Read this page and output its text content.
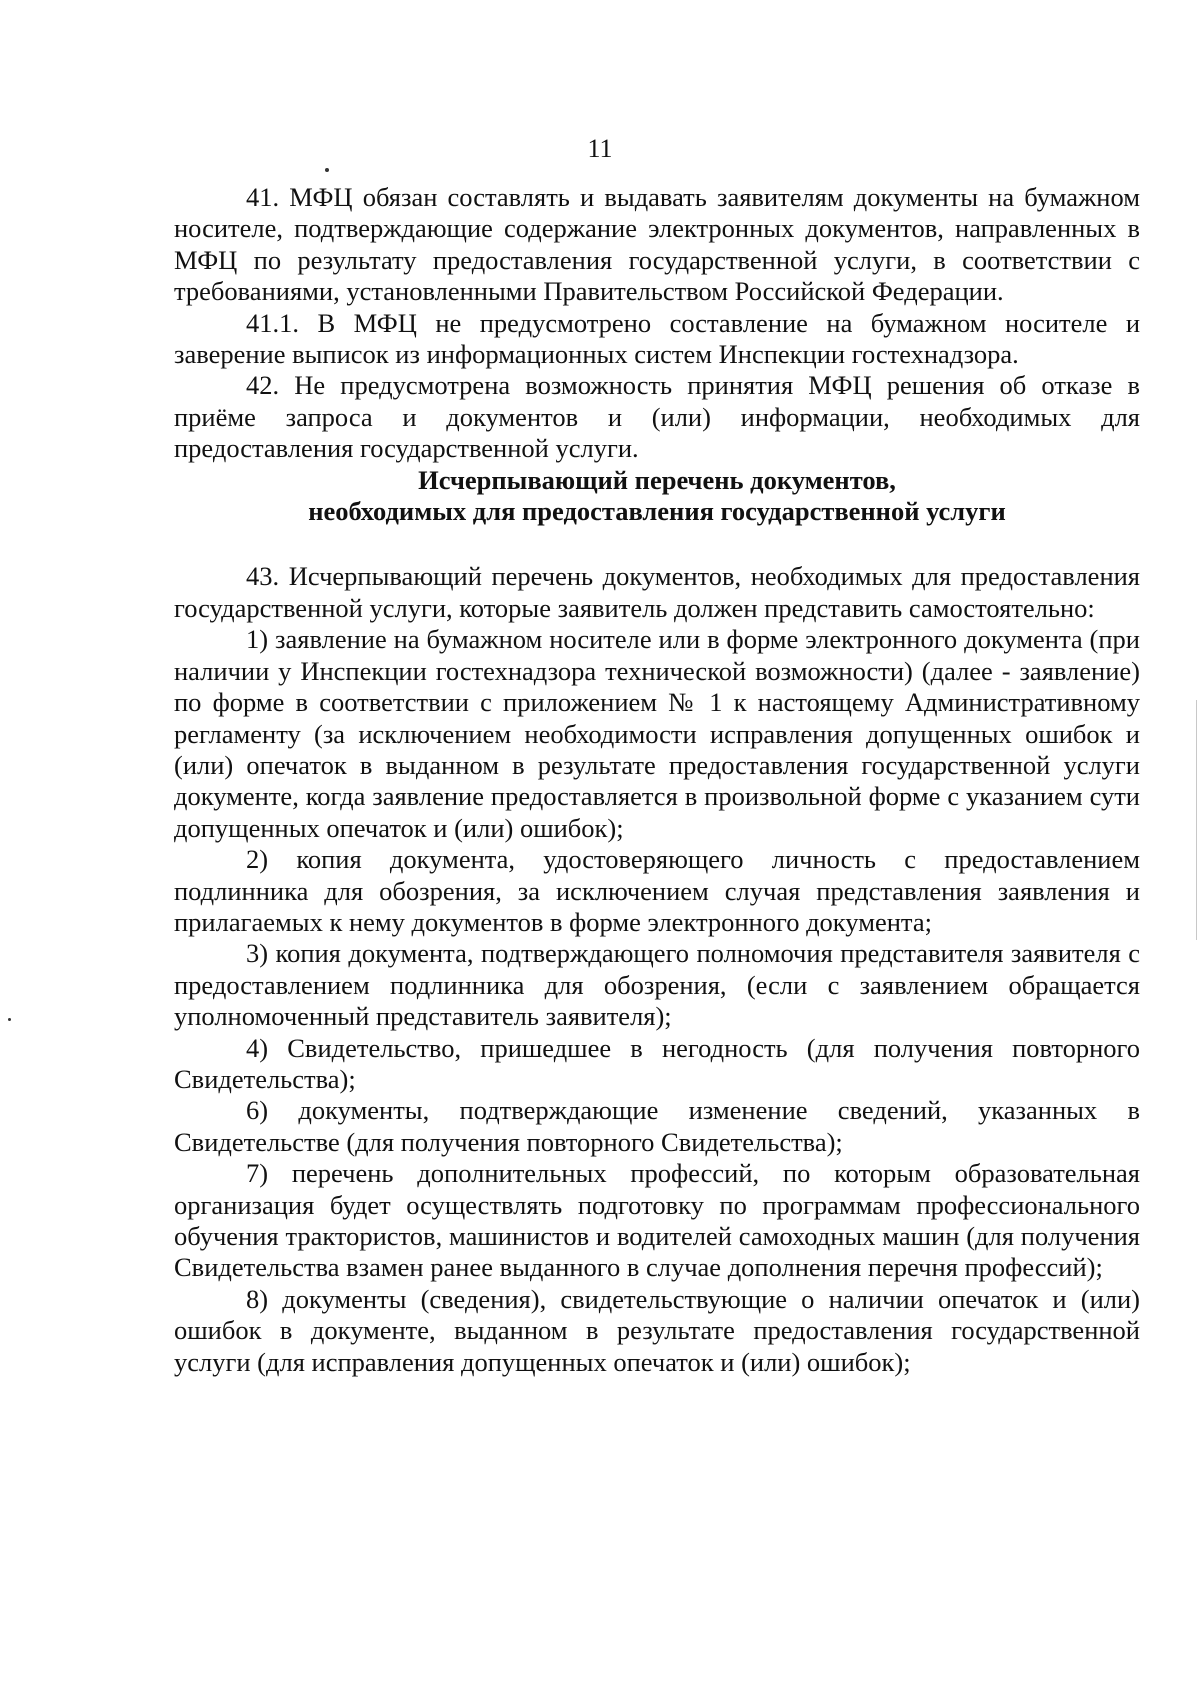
11

41. МФЦ обязан составлять и выдавать заявителям документы на бумажном носителе, подтверждающие содержание электронных документов, направленных в МФЦ по результату предоставления государственной услуги, в соответствии с требованиями, установленными Правительством Российской Федерации.

41.1. В МФЦ не предусмотрено составление на бумажном носителе и заверение выписок из информационных систем Инспекции гостехнадзора.

42. Не предусмотрена возможность принятия МФЦ решения об отказе в приёме запроса и документов и (или) информации, необходимых для предоставления государственной услуги.

Исчерпывающий перечень документов,

необходимых для предоставления государственной услуги

43. Исчерпывающий перечень документов, необходимых для предоставления государственной услуги, которые заявитель должен представить самостоятельно:

1) заявление на бумажном носителе или в форме электронного документа (при наличии у Инспекции гостехнадзора технической возможности) (далее - заявление) по форме в соответствии с приложением № 1 к настоящему Административному регламенту (за исключением необходимости исправления допущенных ошибок и (или) опечаток в выданном в результате предоставления государственной услуги документе, когда заявление предоставляется в произвольной форме с указанием сути допущенных опечаток и (или) ошибок);

2) копия документа, удостоверяющего личность с предоставлением подлинника для обозрения, за исключением случая представления заявления и прилагаемых к нему документов в форме электронного документа;

3) копия документа, подтверждающего полномочия представителя заявителя с предоставлением подлинника для обозрения, (если с заявлением обращается уполномоченный представитель заявителя);

4) Свидетельство, пришедшее в негодность (для получения повторного Свидетельства);

6) документы, подтверждающие изменение сведений, указанных в Свидетельстве (для получения повторного Свидетельства);

7) перечень дополнительных профессий, по которым образовательная организация будет осуществлять подготовку по программам профессионального обучения трактористов, машинистов и водителей самоходных машин (для получения Свидетельства взамен ранее выданного в случае дополнения перечня профессий);

8) документы (сведения), свидетельствующие о наличии опечаток и (или) ошибок в документе, выданном в результате предоставления государственной услуги (для исправления допущенных опечаток и (или) ошибок);
